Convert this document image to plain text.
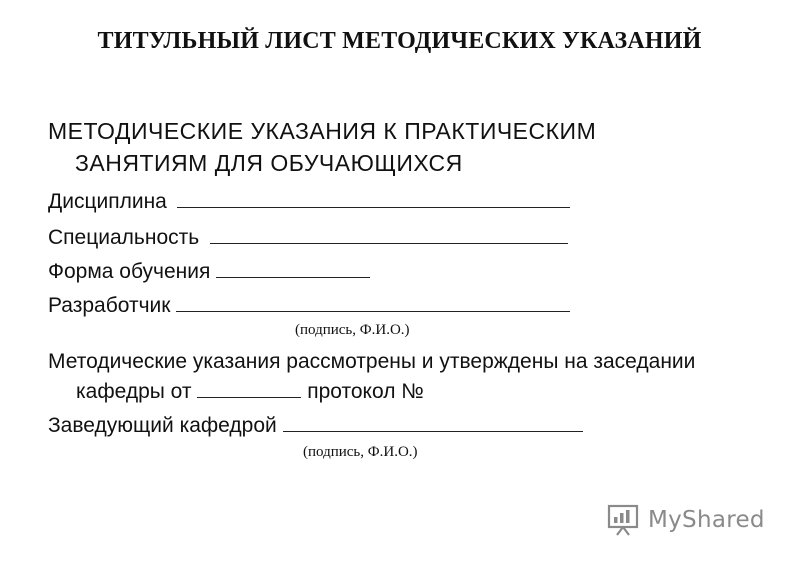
ТИТУЛЬНЫЙ ЛИСТ МЕТОДИЧЕСКИХ УКАЗАНИЙ
МЕТОДИЧЕСКИЕ УКАЗАНИЯ К ПРАКТИЧЕСКИМ
ЗАНЯТИЯМ ДЛЯ ОБУЧАЮЩИХСЯ
Дисциплина
Специальность
Форма обучения
Разработчик
(подпись, Ф.И.О.)
Методические указания рассмотрены и утверждены на заседании
кафедры от	протокол №
Заведующий кафедрой
(подпись, Ф.И.О.)
MyShared
